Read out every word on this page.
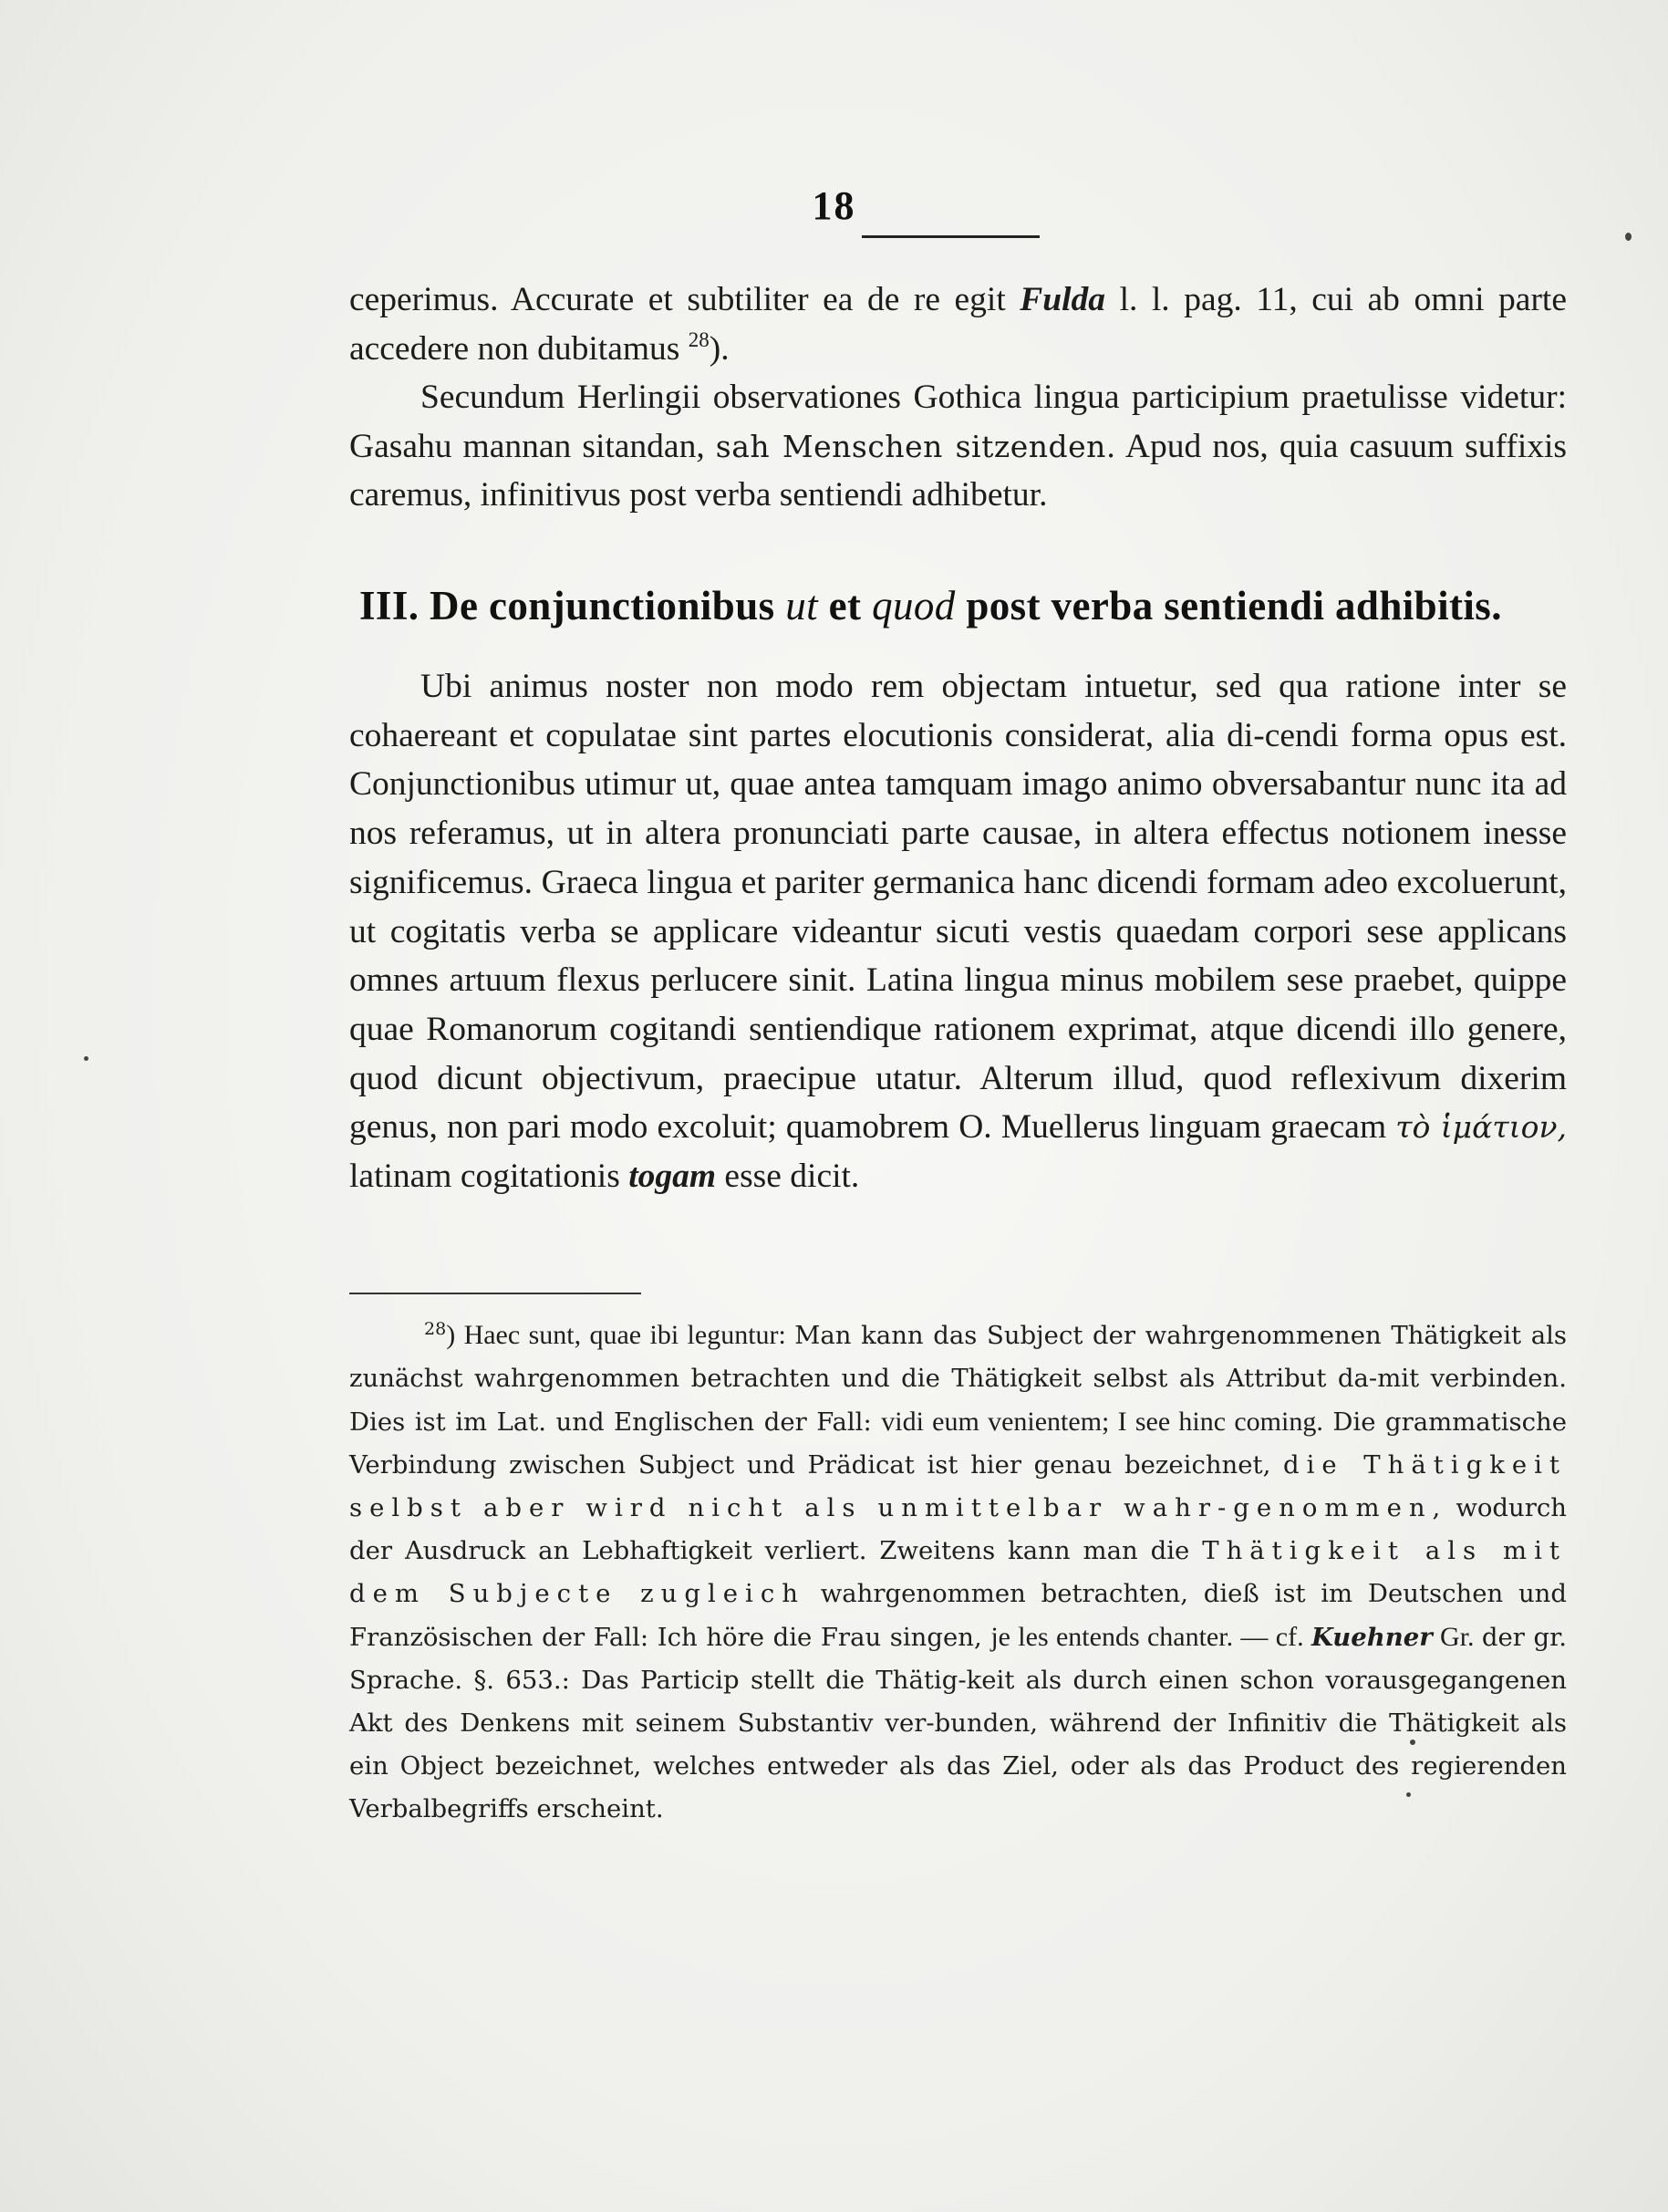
18

ceperimus. Accurate et subtiliter ea de re egit Fulda l. l. pag. 11, cui ab omni parte accedere non dubitamus $^{28}$).

Secundum Herlingii observationes Gothica lingua participium praetulisse videtur: Gasahu mannan sitandan, sah Menschen sitzenden. Apud nos, quia casuum suffixis caremus, infinitivus post verba sentiendi adhibetur.

III. De conjunctionibus ut et quod post verba sentiendi adhibitis.

Ubi animus noster non modo rem objectam intuetur, sed qua ratione inter se cohaereant et copulatae sint partes elocutionis considerat, alia di-cendi forma opus est. Conjunctionibus utimur ut, quae antea tamquam imago animo obversabantur nunc ita ad nos referamus, ut in altera pronunciati parte causae, in altera effectus notionem inesse significemus. Graeca lingua et pariter germanica hanc dicendi formam adeo excoluerunt, ut cogitatis verba se applicare videantur sicuti vestis quaedam corpori sese applicans omnes artuum flexus perlucere sinit. Latina lingua minus mobilem sese praebet, quippe quae Romanorum cogitandi sentiendique rationem exprimat, atque dicendi illo genere, quod dicunt objectivum, praecipue utatur. Alterum illud, quod reflexivum dixerim genus, non pari modo excoluit; quamobrem O. Muellerus linguam graecam τὸ ἱμάτιον, latinam cogitationis togam esse dicit.

$^{28}$) Haec sunt, quae ibi leguntur: Man kann das Subject der wahrgenommenen Thätigkeit als zunächst wahrgenommen betrachten und die Thätigkeit selbst als Attribut da-mit verbinden. Dies ist im Lat. und Englischen der Fall: vidi eum venientem; I see hinc coming. Die grammatische Verbindung zwischen Subject und Prädicat ist hier genau bezeichnet, die Thätigkeit selbst aber wird nicht als unmittelbar wahr-genommen, wodurch der Ausdruck an Lebhaftigkeit verliert. Zweitens kann man die Thätigkeit als mit dem Subjecte zugleich wahrgenommen betrachten, dieß ist im Deutschen und Französischen der Fall: Ich höre die Frau singen, je les entends chanter. — cf. Kuehner Gr. der gr. Sprache. §. 653.: Das Particip stellt die Thätig-keit als durch einen schon vorausgegangenen Akt des Denkens mit seinem Substantiv ver-bunden, während der Infinitiv die Thätigkeit als ein Object bezeichnet, welches entweder als das Ziel, oder als das Product des regierenden Verbalbegriffs erscheint.
